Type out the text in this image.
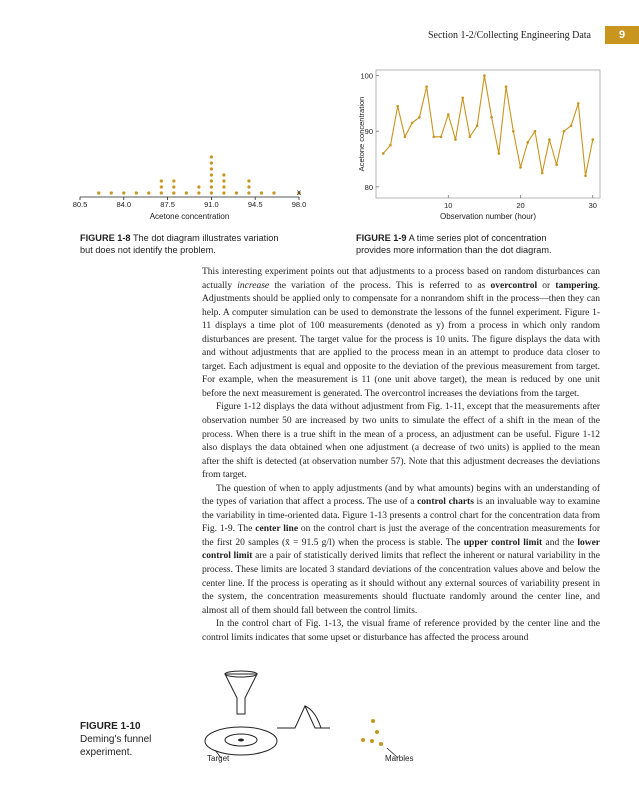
Section 1-2/Collecting Engineering Data	9
80.5	84.0	87.5	91.0	94.5	98.0
x
Acetone concentration
80
90
100
10	20	30
Acetone concentration
Observation number (hour)
FIGURE 1-8 The dot diagram illustrates variation
but does not identify the problem.
FIGURE 1-9 A time series plot of concentration
provides more information than the dot diagram.

This interesting experiment points out that adjustments to a process based on random disturbances can actually increase the variation of the process. This is referred to as overcontrol or tampering. Adjustments should be applied only to compensate for a nonrandom shift in the process—then they can help. A computer simulation can be used to demonstrate the lessons of the funnel experiment. Figure 1-11 displays a time plot of 100 measurements (denoted as y) from a process in which only random disturbances are present. The target value for the process is 10 units. The figure displays the data with and without adjustments that are applied to the process mean in an attempt to produce data closer to target. Each adjustment is equal and opposite to the deviation of the previous measurement from target. For example, when the measurement is 11 (one unit above target), the mean is reduced by one unit before the next measurement is generated. The overcontrol increases the deviations from the target.

Figure 1-12 displays the data without adjustment from Fig. 1-11, except that the measurements after observation number 50 are increased by two units to simulate the effect of a shift in the mean of the process. When there is a true shift in the mean of a process, an adjustment can be useful. Figure 1-12 also displays the data obtained when one adjustment (a decrease of two units) is applied to the mean after the shift is detected (at observation number 57). Note that this adjustment decreases the deviations from target.

The question of when to apply adjustments (and by what amounts) begins with an understanding of the types of variation that affect a process. The use of a control charts is an invaluable way to examine the variability in time-oriented data. Figure 1-13 presents a control chart for the concentration data from Fig. 1-9. The center line on the control chart is just the average of the concentration measurements for the first 20 samples (x̄ = 91.5 g/l) when the process is stable. The upper control limit and the lower control limit are a pair of statistically derived limits that reflect the inherent or natural variability in the process. These limits are located 3 standard deviations of the concentration values above and below the center line. If the process is operating as it should without any external sources of variability present in the system, the concentration measurements should fluctuate randomly around the center line, and almost all of them should fall between the control limits.

In the control chart of Fig. 1-13, the visual frame of reference provided by the center line and the control limits indicates that some upset or disturbance has affected the process around

Target	Marbles
FIGURE 1-10
Deming's funnel
experiment.
